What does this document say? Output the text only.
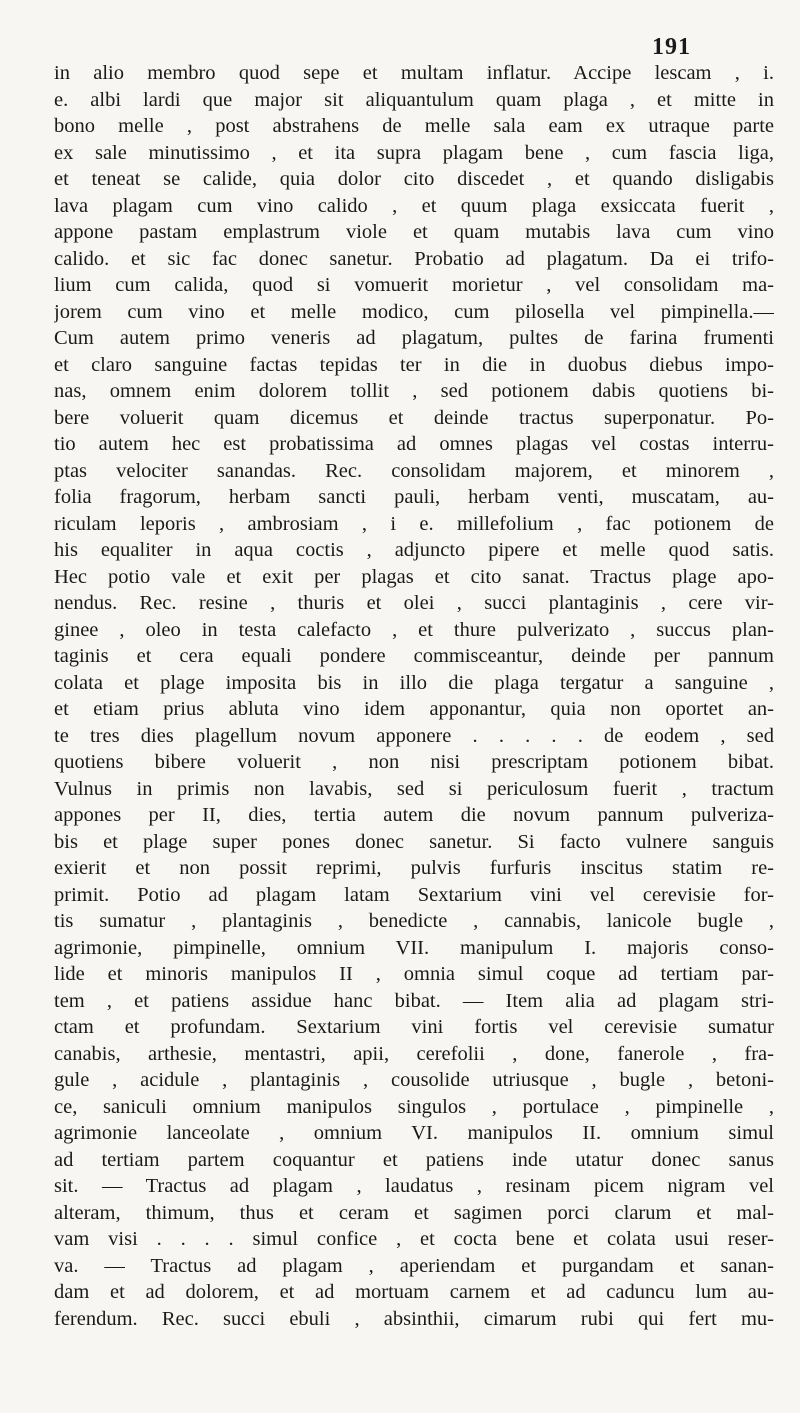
191
in alio membro quod sepe et multam inflatur. Accipe lescam , i.
e. albi lardi que major sit aliquantulum quam plaga , et mitte in
bono melle , post abstrahens de melle sala eam ex utraque parte
ex sale minutissimo , et ita supra plagam bene , cum fascia liga,
et teneat se calide, quia dolor cito discedet , et quando disligabis
lava plagam cum vino calido , et quum plaga exsiccata fuerit ,
appone pastam emplastrum viole et quam mutabis lava cum vino
calido. et sic fac donec sanetur. Probatio ad plagatum. Da ei trifo-
lium cum calida, quod si vomuerit morietur , vel consolidam ma-
jorem cum vino et melle modico, cum pilosella vel pimpinella.—
Cum autem primo veneris ad plagatum, pultes de farina frumenti
et claro sanguine factas tepidas ter in die in duobus diebus impo-
nas, omnem enim dolorem tollit , sed potionem dabis quotiens bi-
bere voluerit quam dicemus et deinde tractus superponatur. Po-
tio autem hec est probatissima ad omnes plagas vel costas interru-
ptas velociter sanandas. Rec. consolidam majorem, et minorem ,
folia fragorum, herbam sancti pauli, herbam venti, muscatam, au-
riculam leporis , ambrosiam , i e. millefolium , fac potionem de
his equaliter in aqua coctis , adjuncto pipere et melle quod satis.
Hec potio vale et exit per plagas et cito sanat. Tractus plage apo-
nendus. Rec. resine , thuris et olei , succi plantaginis , cere vir-
ginee , oleo in testa calefacto , et thure pulverizato , succus plan-
taginis et cera equali pondere commisceantur, deinde per pannum
colata et plage imposita bis in illo die plaga tergatur a sanguine ,
et etiam prius abluta vino idem apponantur, quia non oportet an-
te tres dies plagellum novum apponere . . . . . de eodem , sed
quotiens bibere voluerit , non nisi prescriptam potionem bibat.
Vulnus in primis non lavabis, sed si periculosum fuerit , tractum
appones per II, dies, tertia autem die novum pannum pulveriza-
bis et plage super pones donec sanetur. Si facto vulnere sanguis
exierit et non possit reprimi, pulvis furfuris inscitus statim re-
primit. Potio ad plagam latam Sextarium vini vel cerevisie for-
tis sumatur , plantaginis , benedicte , cannabis, lanicole bugle ,
agrimonie, pimpinelle, omnium VII. manipulum I. majoris conso-
lide et minoris manipulos II , omnia simul coque ad tertiam par-
tem , et patiens assidue hanc bibat. — Item alia ad plagam stri-
ctam et profundam. Sextarium vini fortis vel cerevisie sumatur
canabis, arthesie, mentastri, apii, cerefolii , done, fanerole , fra-
gule , acidule , plantaginis , cousolide utriusque , bugle , betoni-
ce, saniculi omnium manipulos singulos , portulace , pimpinelle ,
agrimonie lanceolate , omnium VI. manipulos II. omnium simul
ad tertiam partem coquantur et patiens inde utatur donec sanus
sit. — Tractus ad plagam , laudatus , resinam picem nigram vel
alteram, thimum, thus et ceram et sagimen porci clarum et mal-
vam visi . . . . simul confice , et cocta bene et colata usui reser-
va. — Tractus ad plagam , aperiendam et purgandam et sanan-
dam et ad dolorem, et ad mortuam carnem et ad caduncu lum au-
ferendum. Rec. succi ebuli , absinthii, cimarum rubi qui fert mu-
